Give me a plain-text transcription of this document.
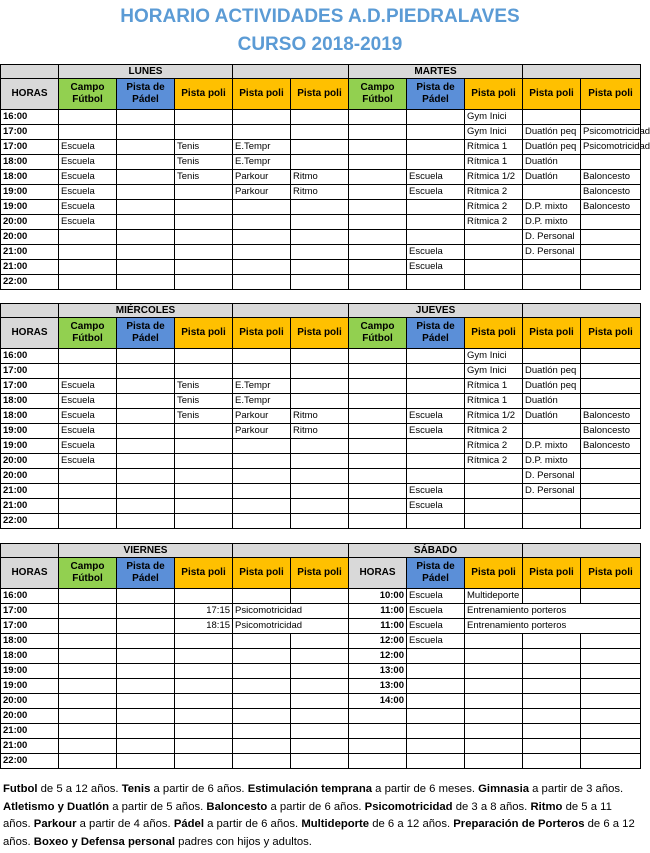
HORARIO ACTIVIDADES A.D.PIEDRALAVES
CURSO 2018-2019
	LUNES					MARTES				
HORAS	Campo Fútbol	Pista de Pádel	Pista poli	Pista poli	Pista poli	Campo Fútbol	Pista de Pádel	Pista poli	Pista poli	Pista poli
16:00								Gym Inici		
17:00								Gym Inici	Duatlón peq	Psicomotricidad
17:00	Escuela		Tenis	E.Tempr				Rítmica 1	Duatlón peq	Psicomotricidad
18:00	Escuela		Tenis	E.Tempr				Rítmica 1	Duatlón	
18:00	Escuela		Tenis	Parkour	Ritmo		Escuela	Rítmica 1/2	Duatlón	Baloncesto
19:00	Escuela			Parkour	Ritmo		Escuela	Rítmica 2		Baloncesto
19:00	Escuela							Rítmica 2	D.P. mixto	Baloncesto
20:00	Escuela							Rítmica 2	D.P. mixto	
20:00									D. Personal	
21:00							Escuela		D. Personal	
21:00							Escuela			
22:00										
	MIÉRCOLES					JUEVES				
HORAS	Campo Fútbol	Pista de Pádel	Pista poli	Pista poli	Pista poli	Campo Fútbol	Pista de Pádel	Pista poli	Pista poli	Pista poli
16:00								Gym Inici		
17:00								Gym Inici	Duatlón peq	
17:00	Escuela		Tenis	E.Tempr				Rítmica 1	Duatlón peq	
18:00	Escuela		Tenis	E.Tempr				Rítmica 1	Duatlón	
18:00	Escuela		Tenis	Parkour	Ritmo		Escuela	Rítmica 1/2	Duatlón	Baloncesto
19:00	Escuela			Parkour	Ritmo		Escuela	Rítmica 2		Baloncesto
19:00	Escuela							Rítmica 2	D.P. mixto	Baloncesto
20:00	Escuela							Rítmica 2	D.P. mixto	
20:00									D. Personal	
21:00							Escuela		D. Personal	
21:00							Escuela			
22:00										
	VIERNES					SÁBADO				
HORAS	Campo Fútbol	Pista de Pádel	Pista poli	Pista poli	Pista poli	HORAS	Pista de Pádel	Pista poli	Pista poli	Pista poli
16:00						10:00	Escuela	Multideporte		
17:00			17:15	Psicomotricidad		11:00	Escuela	Entrenamiento porteros		
17:00			18:15	Psicomotricidad		11:00	Escuela	Entrenamiento porteros		
18:00						12:00	Escuela			
18:00						12:00				
19:00						13:00				
19:00						13:00				
20:00						14:00				
20:00										
21:00										
21:00										
22:00										
Futbol de 5 a 12 años. Tenis a partir de 6 años. Estimulación temprana a partir de 6 meses. Gimnasia a partir de 3 años. Atletismo y Duatlón a partir de 5 años. Baloncesto a partir de 6 años. Psicomotricidad de 3 a 8 años. Ritmo de 5 a 11 años. Parkour a partir de 4 años. Pádel a partir de 6 años. Multideporte de 6 a 12 años. Preparación de Porteros de 6 a 12 años. Boxeo y Defensa personal padres con hijos y adultos.
